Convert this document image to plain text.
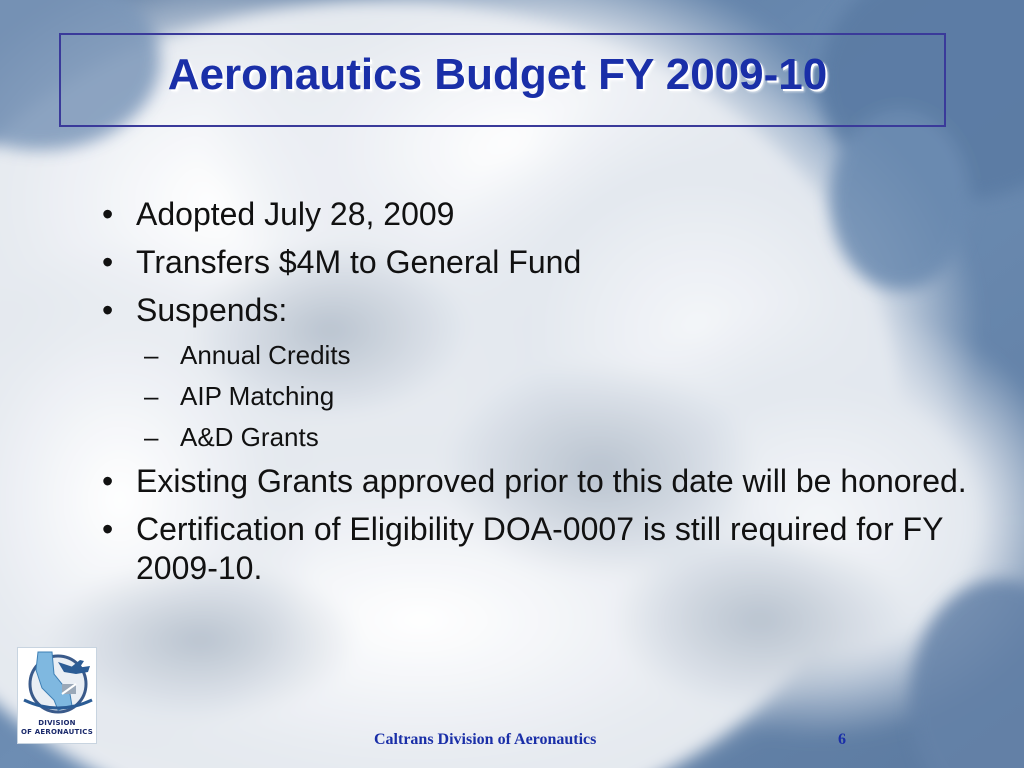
Aeronautics Budget FY 2009-10
• Adopted July 28, 2009
• Transfers $4M to General Fund
• Suspends:
– Annual Credits
– AIP Matching
– A&D Grants
• Existing Grants approved prior to this date will be honored.
• Certification of Eligibility DOA-0007 is still required for FY 2009-10.
DIVISION
OF AERONAUTICS	Caltrans Division of Aeronautics	6
